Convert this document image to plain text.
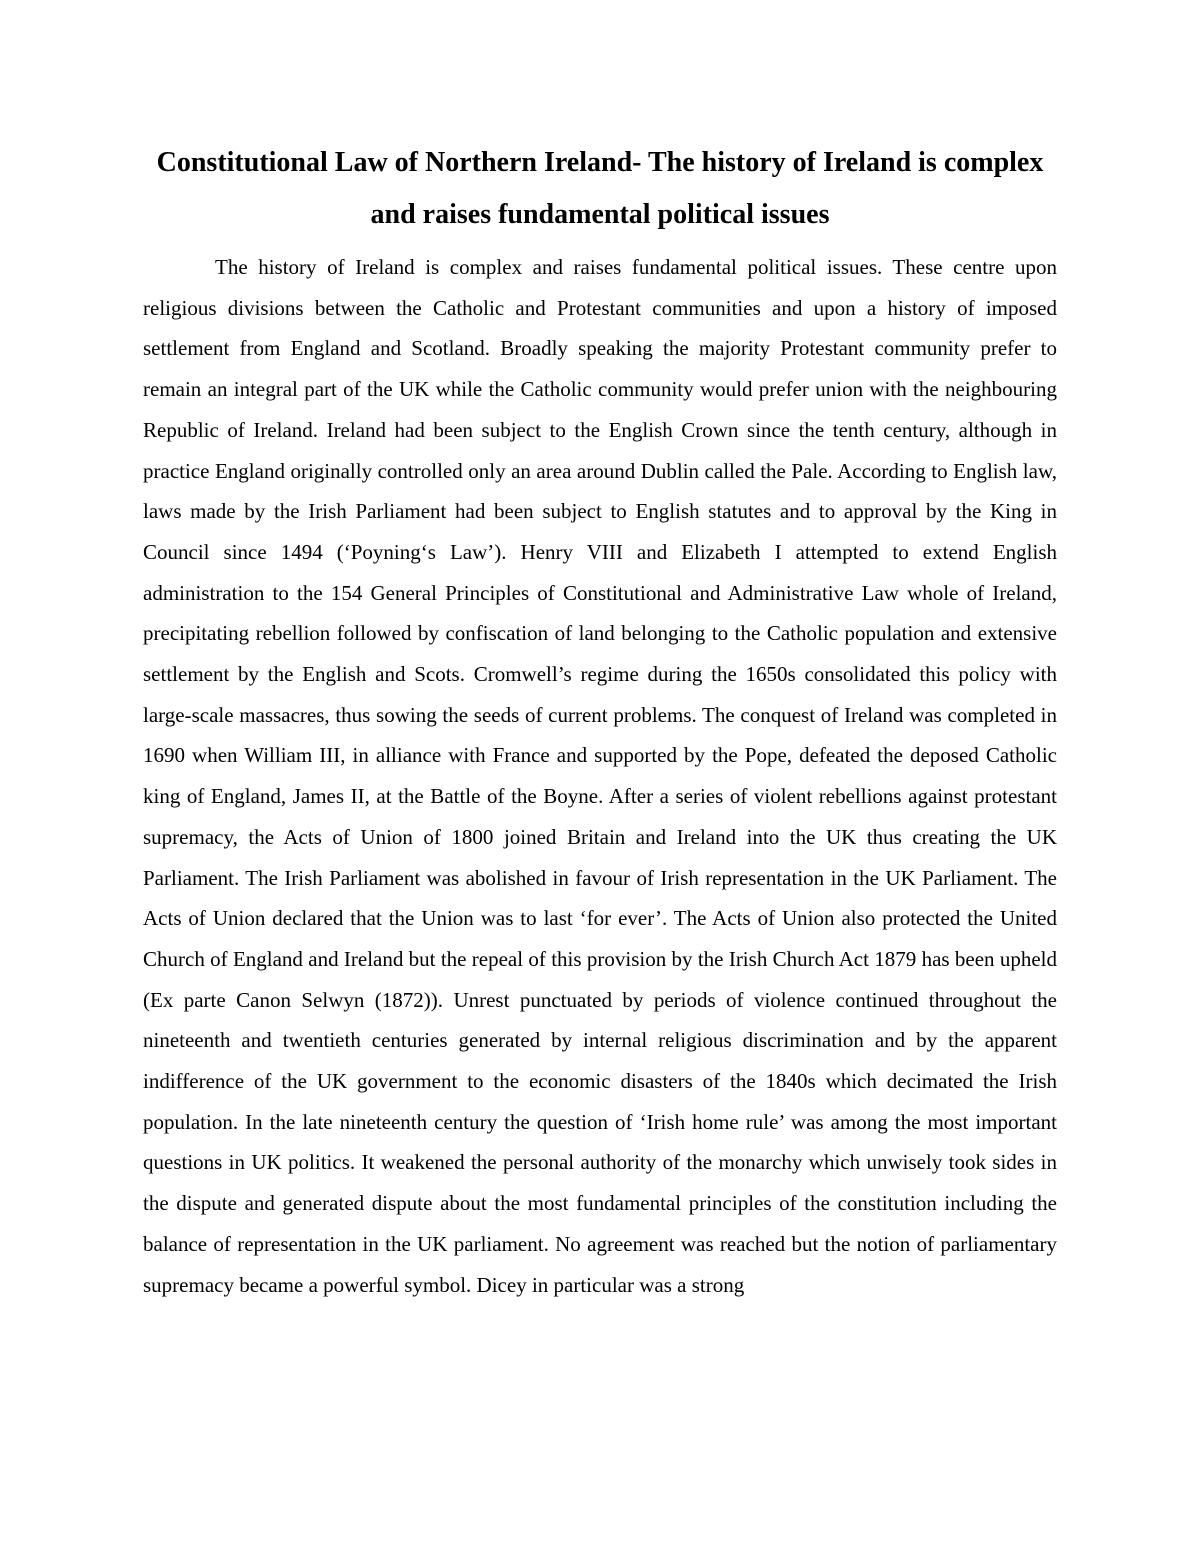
Constitutional Law of Northern Ireland- The history of Ireland is complex and raises fundamental political issues

The history of Ireland is complex and raises fundamental political issues. These centre upon religious divisions between the Catholic and Protestant communities and upon a history of imposed settlement from England and Scotland. Broadly speaking the majority Protestant community prefer to remain an integral part of the UK while the Catholic community would prefer union with the neighbouring Republic of Ireland. Ireland had been subject to the English Crown since the tenth century, although in practice England originally controlled only an area around Dublin called the Pale. According to English law, laws made by the Irish Parliament had been subject to English statutes and to approval by the King in Council since 1494 (‘Poyning‘s Law’). Henry VIII and Elizabeth I attempted to extend English administration to the 154 General Principles of Constitutional and Administrative Law whole of Ireland, precipitating rebellion followed by confiscation of land belonging to the Catholic population and extensive settlement by the English and Scots. Cromwell’s regime during the 1650s consolidated this policy with large-scale massacres, thus sowing the seeds of current problems. The conquest of Ireland was completed in 1690 when William III, in alliance with France and supported by the Pope, defeated the deposed Catholic king of England, James II, at the Battle of the Boyne. After a series of violent rebellions against protestant supremacy, the Acts of Union of 1800 joined Britain and Ireland into the UK thus creating the UK Parliament. The Irish Parliament was abolished in favour of Irish representation in the UK Parliament. The Acts of Union declared that the Union was to last ‘for ever’. The Acts of Union also protected the United Church of England and Ireland but the repeal of this provision by the Irish Church Act 1879 has been upheld (Ex parte Canon Selwyn (1872)). Unrest punctuated by periods of violence continued throughout the nineteenth and twentieth centuries generated by internal religious discrimination and by the apparent indifference of the UK government to the economic disasters of the 1840s which decimated the Irish population. In the late nineteenth century the question of ‘Irish home rule’ was among the most important questions in UK politics. It weakened the personal authority of the monarchy which unwisely took sides in the dispute and generated dispute about the most fundamental principles of the constitution including the balance of representation in the UK parliament. No agreement was reached but the notion of parliamentary supremacy became a powerful symbol. Dicey in particular was a strong
